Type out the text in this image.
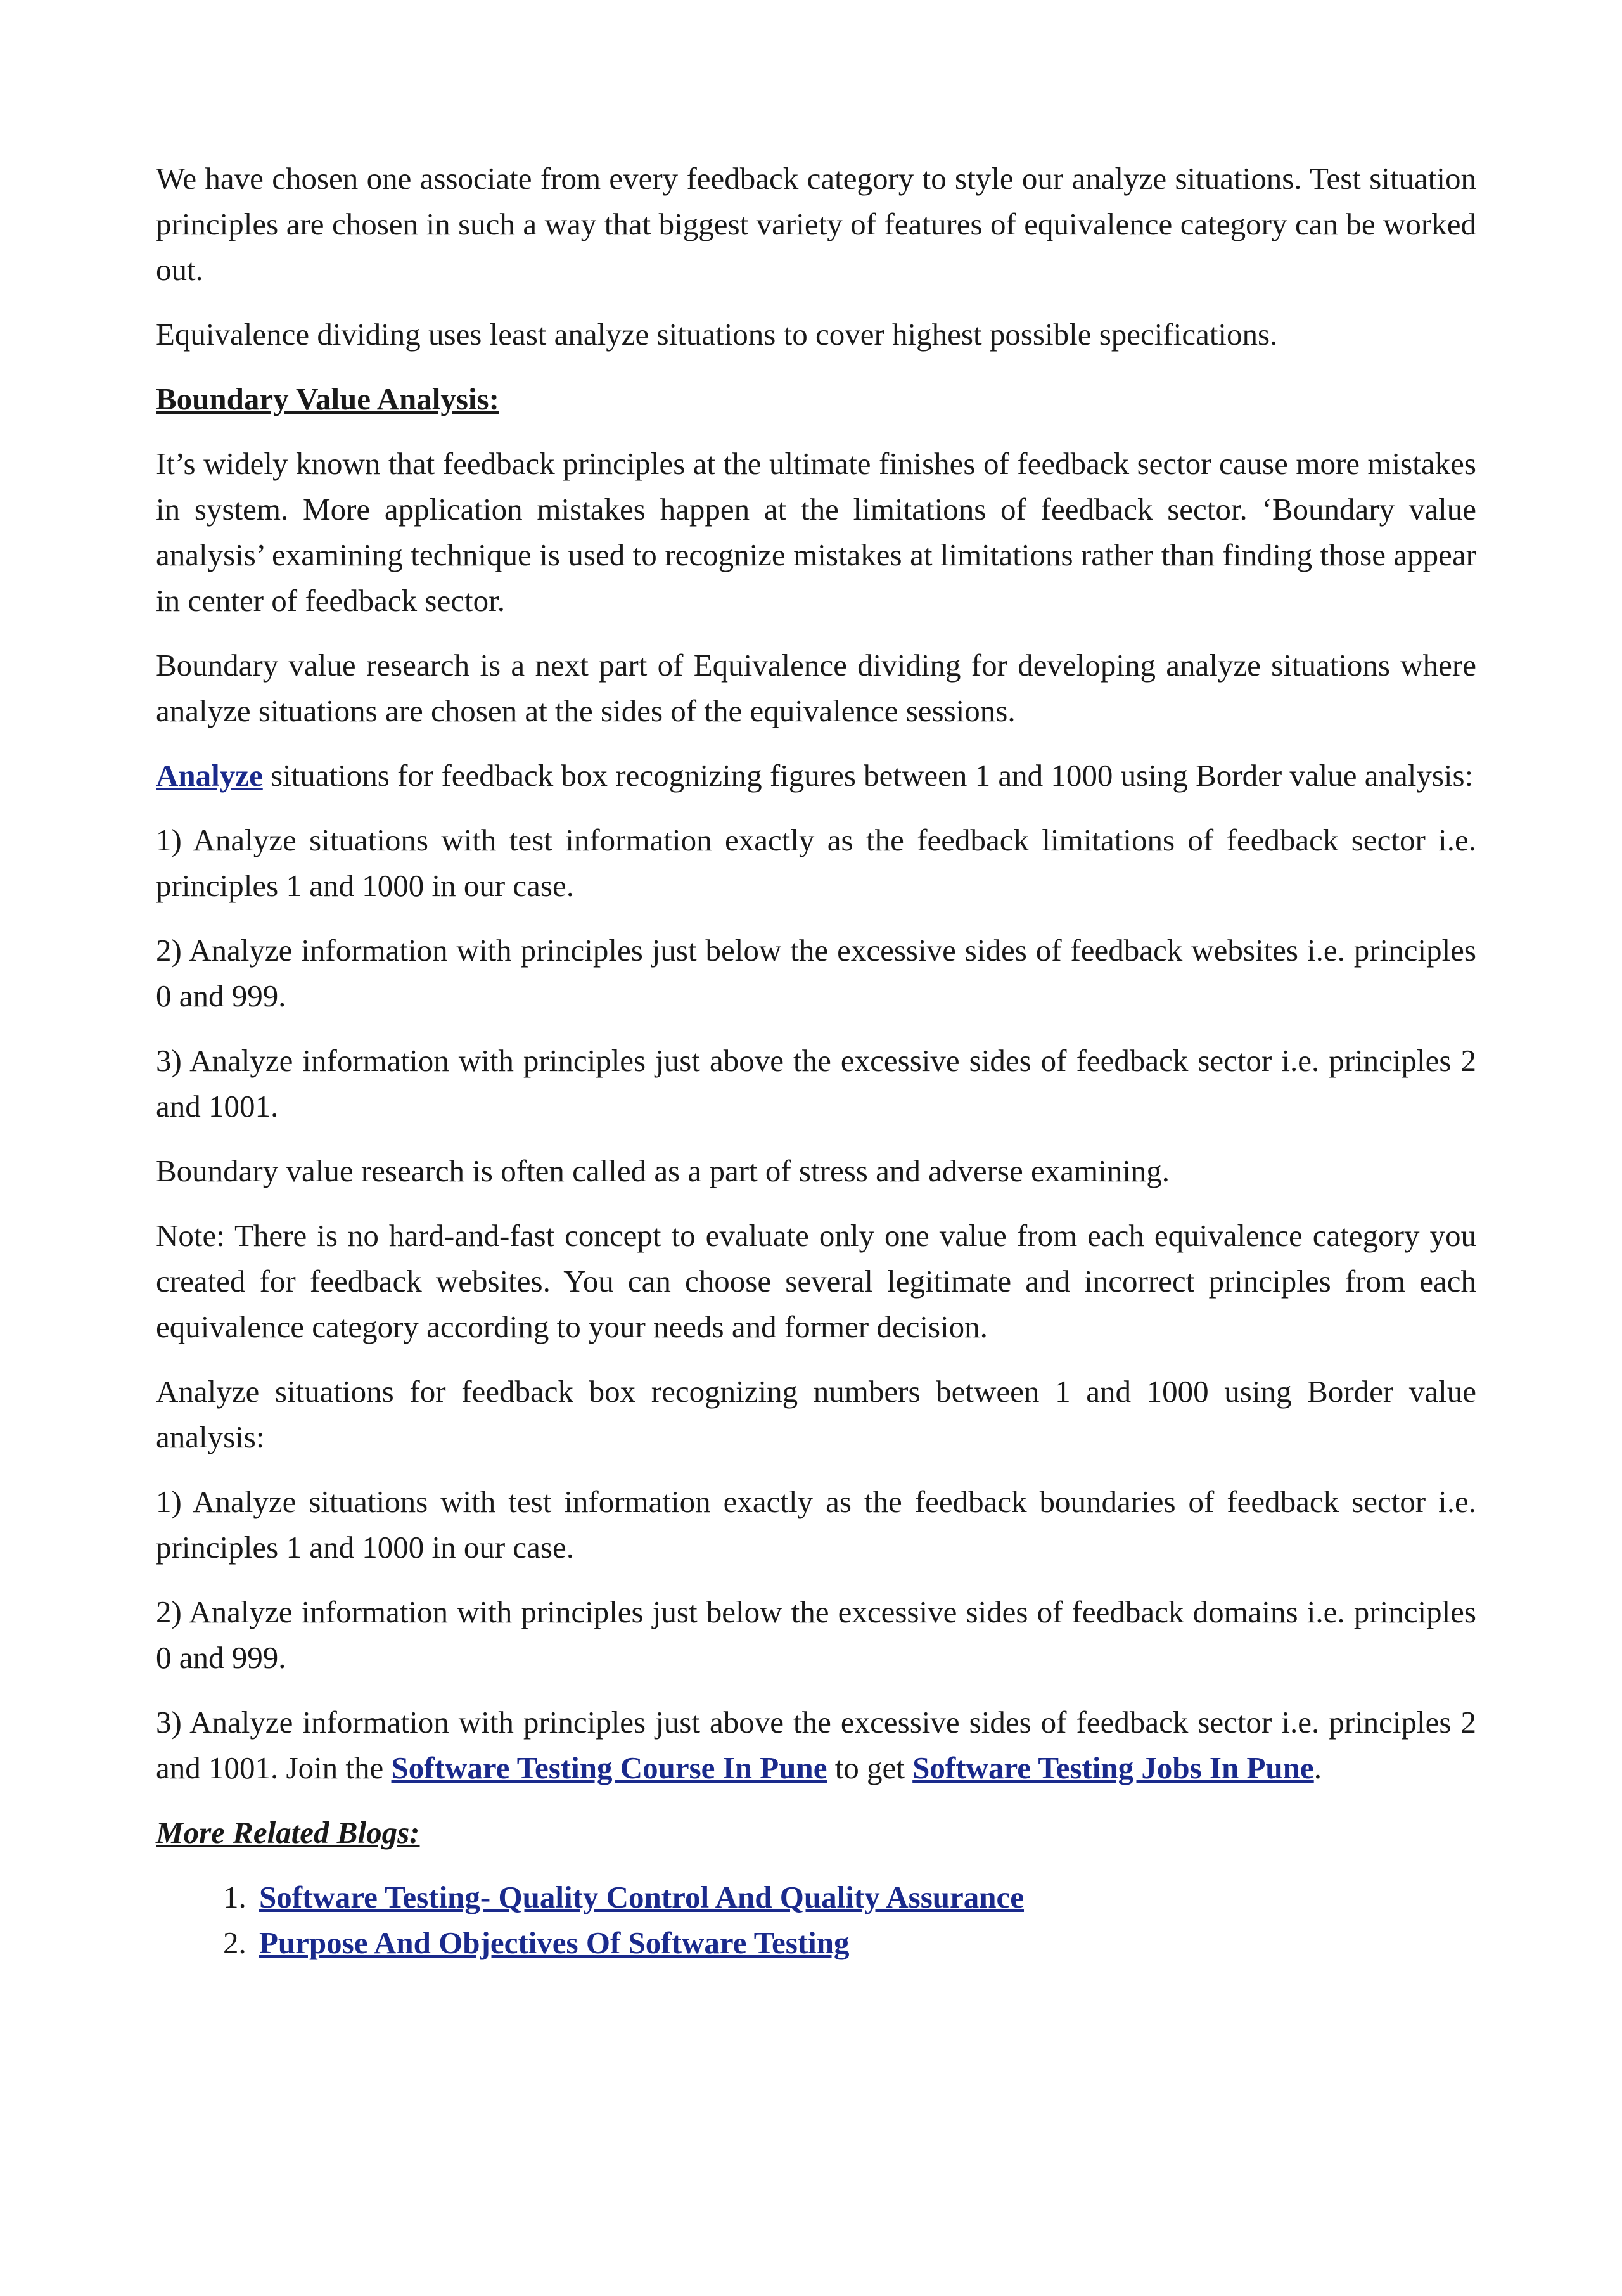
We have chosen one associate from every feedback category to style our analyze situations. Test situation principles are chosen in such a way that biggest variety of features of equivalence category can be worked out.

Equivalence dividing uses least analyze situations to cover highest possible specifications.

Boundary Value Analysis:

It’s widely known that feedback principles at the ultimate finishes of feedback sector cause more mistakes in system. More application mistakes happen at the limitations of feedback sector. ‘Boundary value analysis’ examining technique is used to recognize mistakes at limitations rather than finding those appear in center of feedback sector.

Boundary value research is a next part of Equivalence dividing for developing analyze situations where analyze situations are chosen at the sides of the equivalence sessions.

Analyze situations for feedback box recognizing figures between 1 and 1000 using Border value analysis:

1) Analyze situations with test information exactly as the feedback limitations of feedback sector i.e. principles 1 and 1000 in our case.

2) Analyze information with principles just below the excessive sides of feedback websites i.e. principles 0 and 999.

3) Analyze information with principles just above the excessive sides of feedback sector i.e. principles 2 and 1001.

Boundary value research is often called as a part of stress and adverse examining.

Note: There is no hard-and-fast concept to evaluate only one value from each equivalence category you created for feedback websites. You can choose several legitimate and incorrect principles from each equivalence category according to your needs and former decision.

Analyze situations for feedback box recognizing numbers between 1 and 1000 using Border value analysis:

1) Analyze situations with test information exactly as the feedback boundaries of feedback sector i.e. principles 1 and 1000 in our case.

2) Analyze information with principles just below the excessive sides of feedback domains i.e. principles 0 and 999.

3) Analyze information with principles just above the excessive sides of feedback sector i.e. principles 2 and 1001. Join the Software Testing Course In Pune to get Software Testing Jobs In Pune.

More Related Blogs:

1. Software Testing- Quality Control And Quality Assurance
2. Purpose And Objectives Of Software Testing
